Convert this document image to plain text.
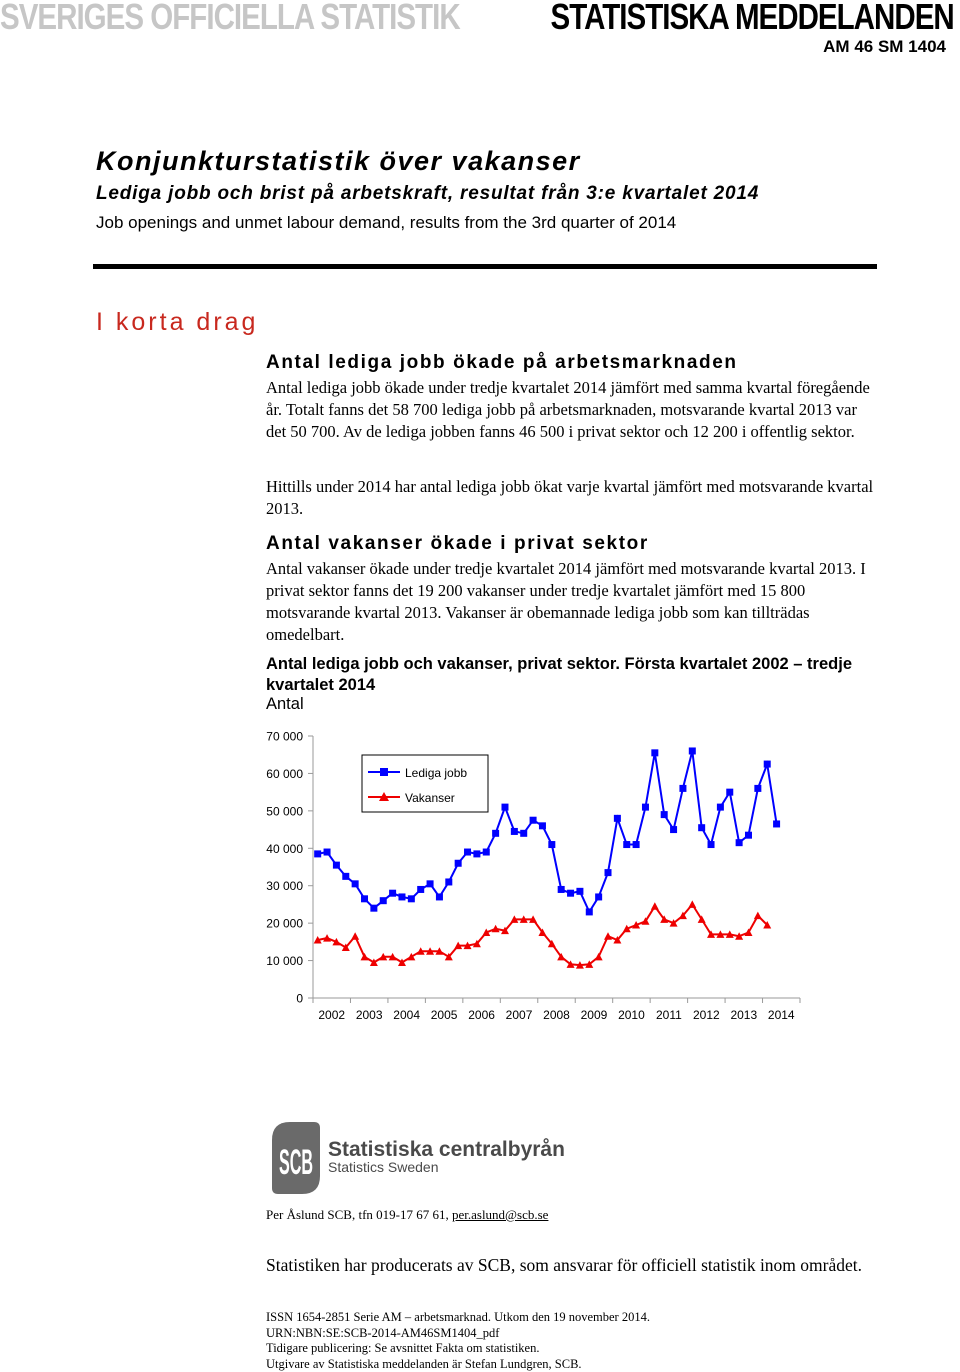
SVERIGES OFFICIELLA STATISTIK	STATISTISKA MEDDELANDEN
AM 46 SM 1404
Konjunkturstatistik över vakanser
Lediga jobb och brist på arbetskraft, resultat från 3:e kvartalet 2014
Job openings and unmet labour demand, results from the 3rd quarter of 2014
I korta drag
Antal lediga jobb ökade på arbetsmarknaden
Antal lediga jobb ökade under tredje kvartalet 2014 jämfört med samma kvartal föregående år. Totalt fanns det 58 700 lediga jobb på arbetsmarknaden, motsvarande kvartal 2013 var det 50 700. Av de lediga jobben fanns 46 500 i privat sektor och 12 200 i offentlig sektor.
Hittills under 2014 har antal lediga jobb ökat varje kvartal jämfört med motsvarande kvartal 2013.
Antal vakanser ökade i privat sektor
Antal vakanser ökade under tredje kvartalet 2014 jämfört med motsvarande kvartal 2013. I privat sektor fanns det 19 200 vakanser under tredje kvartalet jämfört med 15 800 motsvarande kvartal 2013. Vakanser är obemannade lediga jobb som kan tillträdas omedelbart.
Antal lediga jobb och vakanser, privat sektor. Första kvartalet 2002 – tredje kvartalet 2014
Antal
70 000
60 000
50 000
40 000
30 000
20 000
10 000
0
2002 2003 2004 2005 2006 2007 2008 2009 2010 2011 2012 2013 2014
Lediga jobb
Vakanser
SCB Statistiska centralbyrån
Statistics Sweden
Per Åslund SCB, tfn 019-17 67 61, per.aslund@scb.se
Statistiken har producerats av SCB, som ansvarar för officiell statistik inom området.
ISSN 1654-2851 Serie AM – arbetsmarknad. Utkom den 19 november 2014.
URN:NBN:SE:SCB-2014-AM46SM1404_pdf
Tidigare publicering: Se avsnittet Fakta om statistiken.
Utgivare av Statistiska meddelanden är Stefan Lundgren, SCB.
